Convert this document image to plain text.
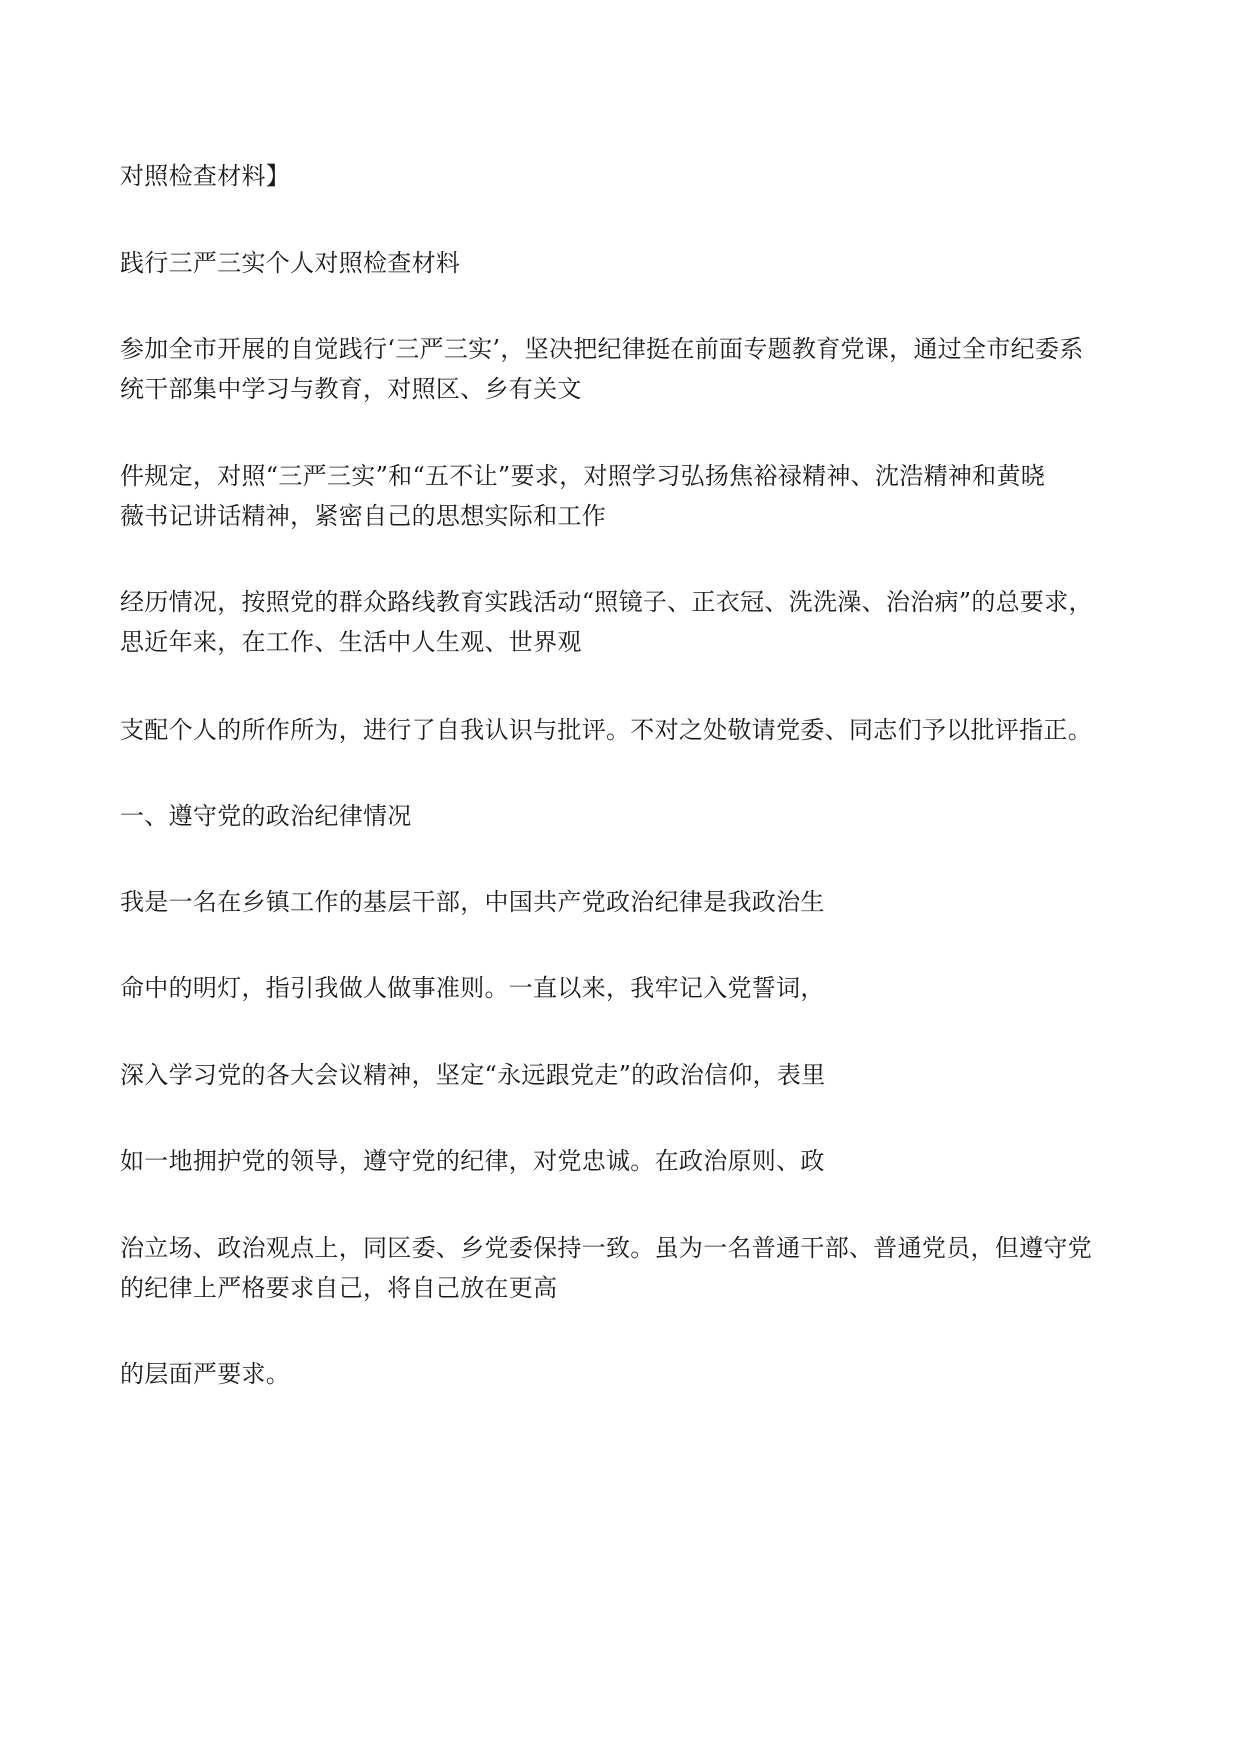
对照检查材料】
践行三严三实个人对照检查材料
参加全市开展的自觉践行‘三严三实’，坚决把纪律挺在前面专题教育党课，通过全市纪委系
统干部集中学习与教育，对照区、乡有关文
件规定，对照“三严三实”和“五不让”要求，对照学习弘扬焦裕禄精神、沈浩精神和黄晓
薇书记讲话精神，紧密自己的思想实际和工作
经历情况，按照党的群众路线教育实践活动“照镜子、正衣冠、洗洗澡、治治病”的总要求，
思近年来，在工作、生活中人生观、世界观
支配个人的所作所为，进行了自我认识与批评。不对之处敬请党委、同志们予以批评指正。
一、遵守党的政治纪律情况
我是一名在乡镇工作的基层干部，中国共产党政治纪律是我政治生
命中的明灯，指引我做人做事准则。一直以来，我牢记入党誓词，
深入学习党的各大会议精神，坚定“永远跟党走”的政治信仰，表里
如一地拥护党的领导，遵守党的纪律，对党忠诚。在政治原则、政
治立场、政治观点上，同区委、乡党委保持一致。虽为一名普通干部、普通党员，但遵守党
的纪律上严格要求自己，将自己放在更高
的层面严要求。
